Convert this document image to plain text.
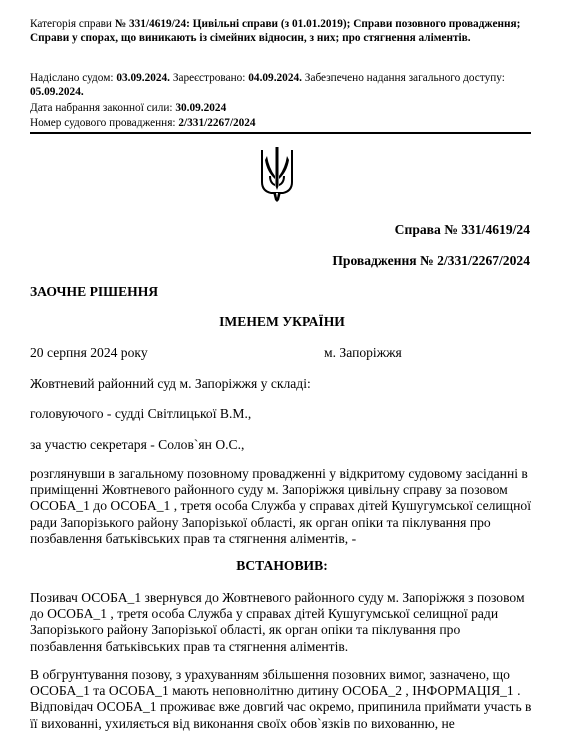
Категорія справи № 331/4619/24: Цивільні справи (з 01.01.2019); Справи позовного провадження; Справи у спорах, що виникають із сімейних відносин, з них; про стягнення аліментів.
Надіслано судом: 03.09.2024. Зареєстровано: 04.09.2024. Забезпечено надання загального доступу: 05.09.2024.
Дата набрання законної сили: 30.09.2024
Номер судового провадження: 2/331/2267/2024
Справа № 331/4619/24
Провадження № 2/331/2267/2024
ЗАОЧНЕ РІШЕННЯ
ІМЕНЕМ УКРАЇНИ
20 серпня 2024 року	м. Запоріжжя
Жовтневий районний суд м. Запоріжжя у складі:
головуючого - судді Світлицької В.М.,
за участю секретаря - Солов`ян О.С.,
розглянувши в загальному позовному провадженні у відкритому судовому засіданні в приміщенні Жовтневого районного суду м. Запоріжжя цивільну справу за позовом ОСОБА_1 до ОСОБА_1 , третя особа Служба у справах дітей Кушугумської селищної ради Запорізького району Запорізької області, як орган опіки та піклування про позбавлення батьківських прав та стягнення аліментів, -
ВСТАНОВИВ:
Позивач ОСОБА_1 звернувся до Жовтневого районного суду м. Запоріжжя з позовом до ОСОБА_1 , третя особа Служба у справах дітей Кушугумської селищної ради Запорізького району Запорізької області, як орган опіки та піклування про позбавлення батьківських прав та стягнення аліментів.
В обгрунтування позову, з урахуванням збільшення позовних вимог, зазначено, що ОСОБА_1 та ОСОБА_1 мають неповнолітню дитину ОСОБА_2 , ІНФОРМАЦІЯ_1 . Відповідач ОСОБА_1 проживає вже довгий час окремо, припинила приймати участь в її вихованні, ухиляється від виконання своїх обов`язків по вихованню, не
